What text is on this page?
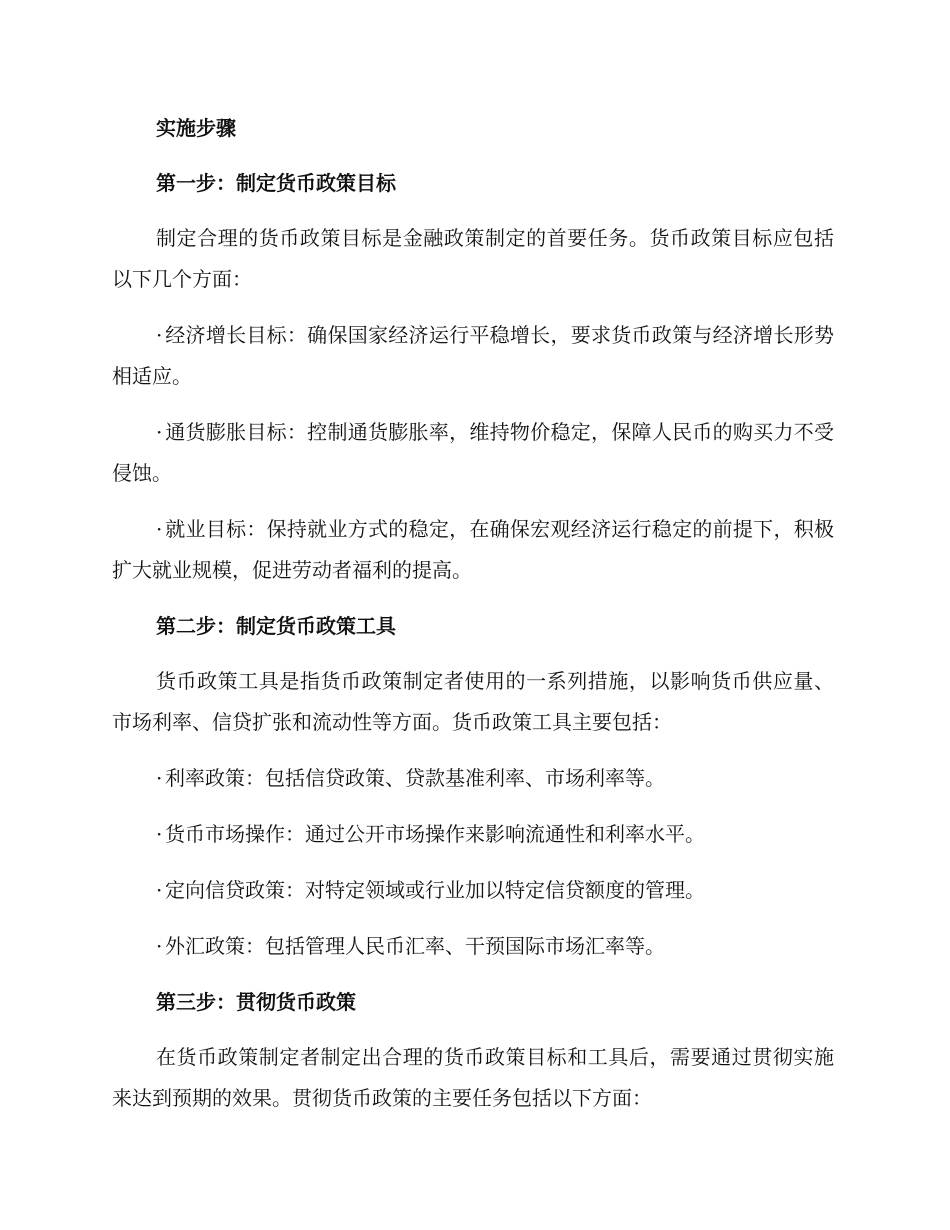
实施步骤
第一步：制定货币政策目标

制定合理的货币政策目标是金融政策制定的首要任务。货币政策目标应包括以下几个方面：

· 经济增长目标：确保国家经济运行平稳增长，要求货币政策与经济增长形势相适应。

· 通货膨胀目标：控制通货膨胀率，维持物价稳定，保障人民币的购买力不受侵蚀。

· 就业目标：保持就业方式的稳定，在确保宏观经济运行稳定的前提下，积极扩大就业规模，促进劳动者福利的提高。

第二步：制定货币政策工具

货币政策工具是指货币政策制定者使用的一系列措施，以影响货币供应量、市场利率、信贷扩张和流动性等方面。货币政策工具主要包括：

· 利率政策：包括信贷政策、贷款基准利率、市场利率等。

· 货币市场操作：通过公开市场操作来影响流通性和利率水平。

· 定向信贷政策：对特定领域或行业加以特定信贷额度的管理。

· 外汇政策：包括管理人民币汇率、干预国际市场汇率等。

第三步：贯彻货币政策

在货币政策制定者制定出合理的货币政策目标和工具后，需要通过贯彻实施来达到预期的效果。贯彻货币政策的主要任务包括以下方面：
